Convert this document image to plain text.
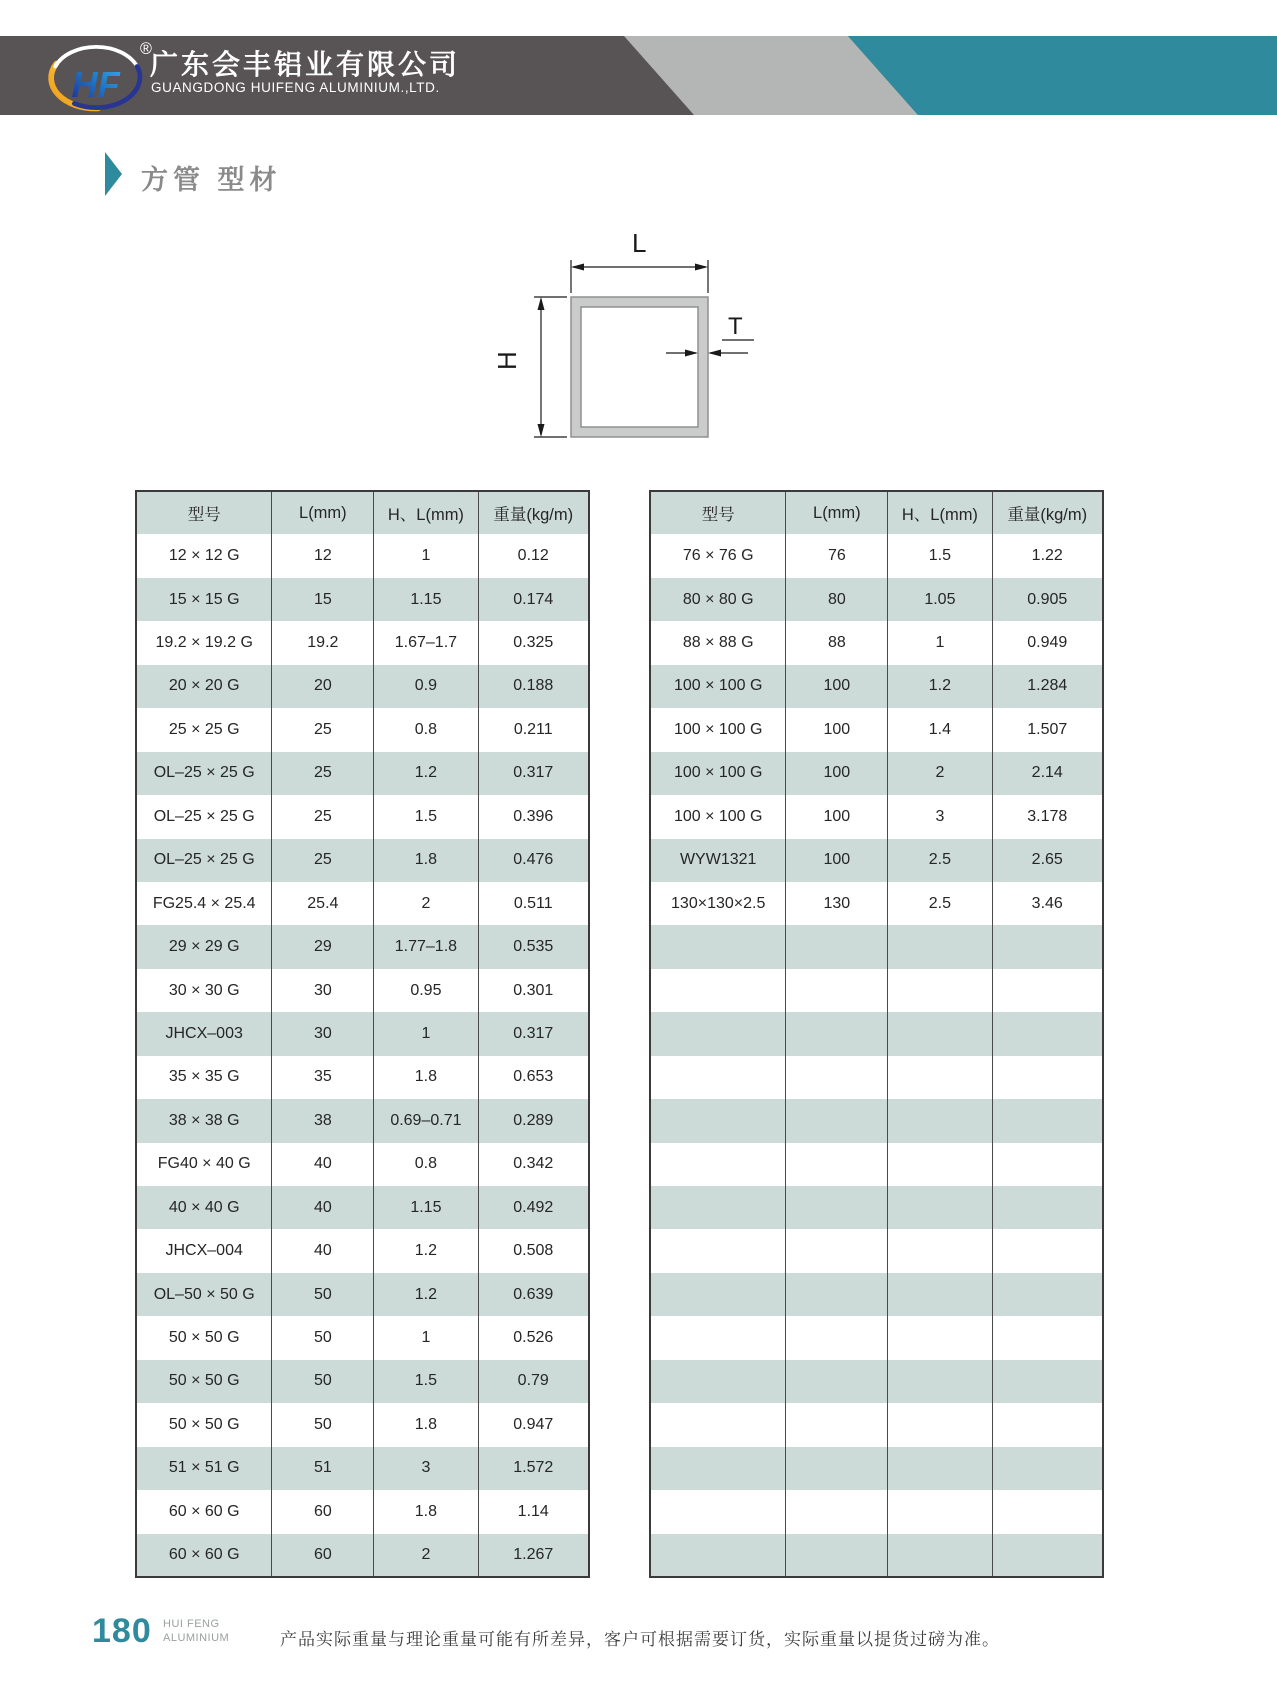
HF
®
广东会丰铝业有限公司
GUANGDONG HUIFENG ALUMINIUM.,LTD.
方管 型材
L
H
T
型号	L(mm)	H、L(mm)	重量(kg/m)
12 × 12 G	12	1	0.12
15 × 15 G	15	1.15	0.174
19.2 × 19.2 G	19.2	1.67–1.7	0.325
20 × 20 G	20	0.9	0.188
25 × 25 G	25	0.8	0.211
OL–25 × 25 G	25	1.2	0.317
OL–25 × 25 G	25	1.5	0.396
OL–25 × 25 G	25	1.8	0.476
FG25.4 × 25.4	25.4	2	0.511
29 × 29 G	29	1.77–1.8	0.535
30 × 30 G	30	0.95	0.301
JHCX–003	30	1	0.317
35 × 35 G	35	1.8	0.653
38 × 38 G	38	0.69–0.71	0.289
FG40 × 40 G	40	0.8	0.342
40 × 40 G	40	1.15	0.492
JHCX–004	40	1.2	0.508
OL–50 × 50 G	50	1.2	0.639
50 × 50 G	50	1	0.526
50 × 50 G	50	1.5	0.79
50 × 50 G	50	1.8	0.947
51 × 51 G	51	3	1.572
60 × 60 G	60	1.8	1.14
60 × 60 G	60	2	1.267
型号	L(mm)	H、L(mm)	重量(kg/m)
76 × 76 G	76	1.5	1.22
80 × 80 G	80	1.05	0.905
88 × 88 G	88	1	0.949
100 × 100 G	100	1.2	1.284
100 × 100 G	100	1.4	1.507
100 × 100 G	100	2	2.14
100 × 100 G	100	3	3.178
WYW1321	100	2.5	2.65
130×130×2.5	130	2.5	3.46

180 HUI FENG
ALUMINIUM	产品实际重量与理论重量可能有所差异，客户可根据需要订货，实际重量以提货过磅为准。
